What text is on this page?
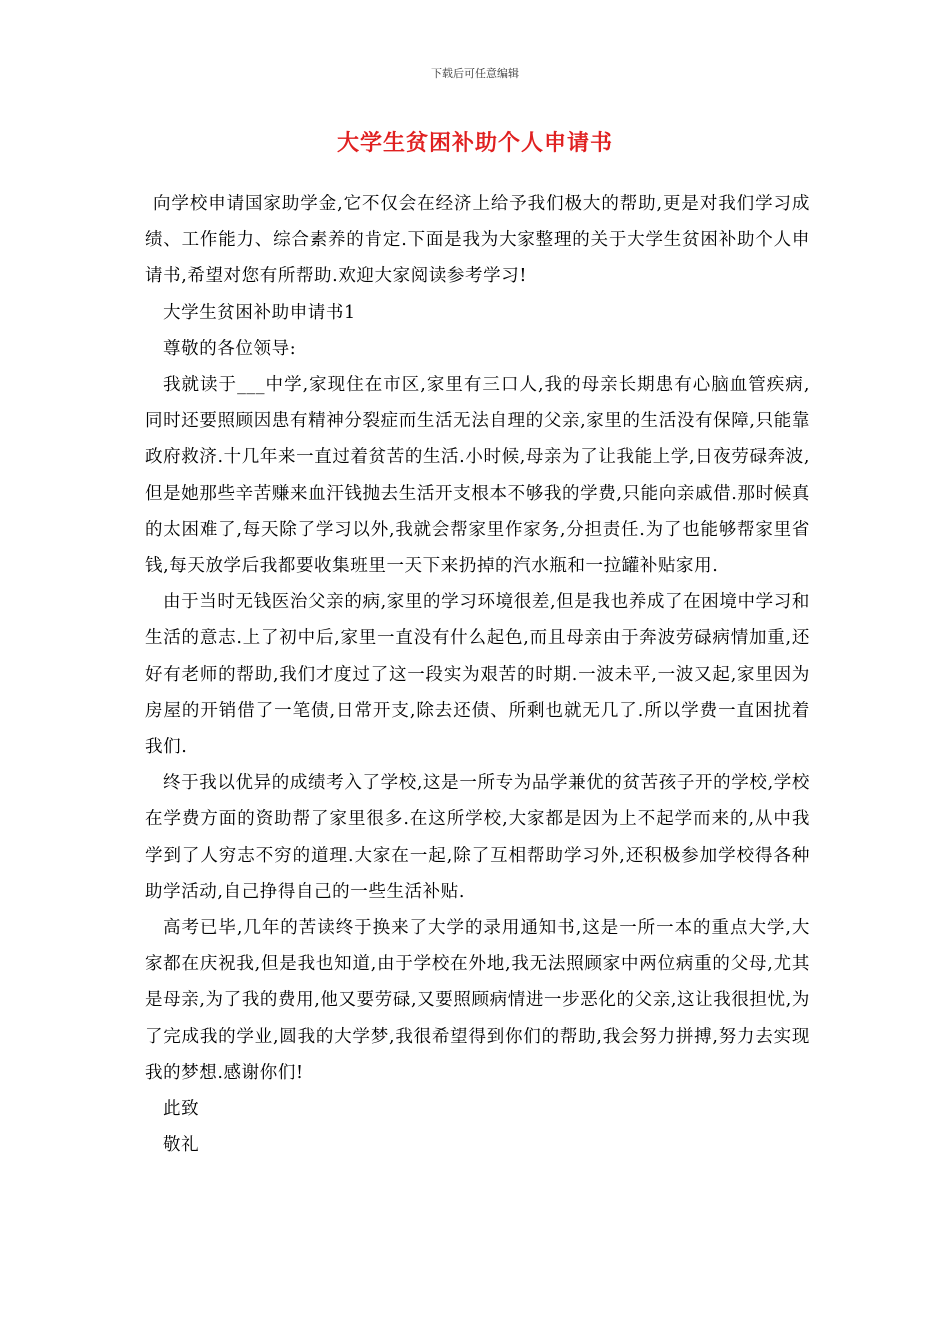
下载后可任意编辑
大学生贫困补助个人申请书

向学校申请国家助学金,它不仅会在经济上给予我们极大的帮助,更是对我们学习成绩、工作能力、综合素养的肯定.下面是我为大家整理的关于大学生贫困补助个人申请书,希望对您有所帮助.欢迎大家阅读参考学习!

大学生贫困补助申请书1

尊敬的各位领导:

我就读于___中学,家现住在市区,家里有三口人,我的母亲长期患有心脑血管疾病,同时还要照顾因患有精神分裂症而生活无法自理的父亲,家里的生活没有保障,只能靠政府救济.十几年来一直过着贫苦的生活.小时候,母亲为了让我能上学,日夜劳碌奔波,但是她那些辛苦赚来血汗钱抛去生活开支根本不够我的学费,只能向亲戚借.那时候真的太困难了,每天除了学习以外,我就会帮家里作家务,分担责任.为了也能够帮家里省钱,每天放学后我都要收集班里一天下来扔掉的汽水瓶和一拉罐补贴家用.

由于当时无钱医治父亲的病,家里的学习环境很差,但是我也养成了在困境中学习和生活的意志.上了初中后,家里一直没有什么起色,而且母亲由于奔波劳碌病情加重,还好有老师的帮助,我们才度过了这一段实为艰苦的时期.一波未平,一波又起,家里因为房屋的开销借了一笔债,日常开支,除去还债、所剩也就无几了.所以学费一直困扰着我们.

终于我以优异的成绩考入了学校,这是一所专为品学兼优的贫苦孩子开的学校,学校在学费方面的资助帮了家里很多.在这所学校,大家都是因为上不起学而来的,从中我学到了人穷志不穷的道理.大家在一起,除了互相帮助学习外,还积极参加学校得各种助学活动,自己挣得自己的一些生活补贴.

高考已毕,几年的苦读终于换来了大学的录用通知书,这是一所一本的重点大学,大家都在庆祝我,但是我也知道,由于学校在外地,我无法照顾家中两位病重的父母,尤其是母亲,为了我的费用,他又要劳碌,又要照顾病情进一步恶化的父亲,这让我很担忧,为了完成我的学业,圆我的大学梦,我很希望得到你们的帮助,我会努力拼搏,努力去实现我的梦想.感谢你们!

此致

敬礼
